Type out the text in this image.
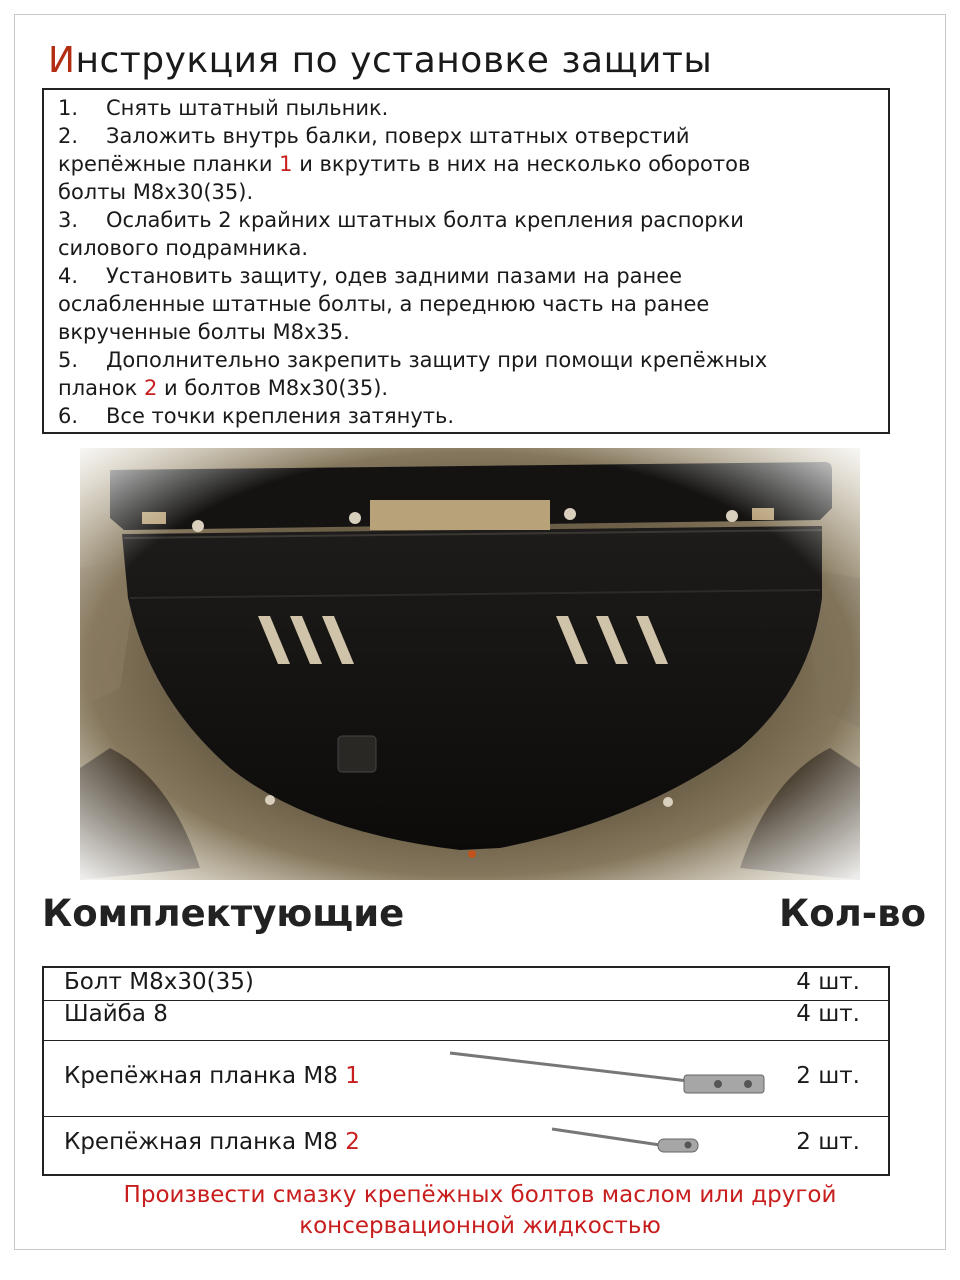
Инструкция по установке защиты
1. Снять штатный пыльник.
2. Заложить внутрь балки, поверх штатных отверстий
крепёжные планки 1 и вкрутить в них на несколько оборотов
болты М8х30(35).
3. Ослабить 2 крайних штатных болта крепления распорки
силового подрамника.
4. Установить защиту, одев задними пазами на ранее
ослабленные штатные болты, а переднюю часть на ранее
вкрученные болты М8х35.
5. Дополнительно закрепить защиту при помощи крепёжных
планок 2 и болтов М8х30(35).
6. Все точки крепления затянуть.
Комплектующие	Кол-во
Болт М8х30(35)	4 шт.
Шайба 8	4 шт.
Крепёжная планка М8 1	2 шт.
Крепёжная планка М8 2	2 шт.
Произвести смазку крепёжных болтов маслом или другой
консервационной жидкостью
